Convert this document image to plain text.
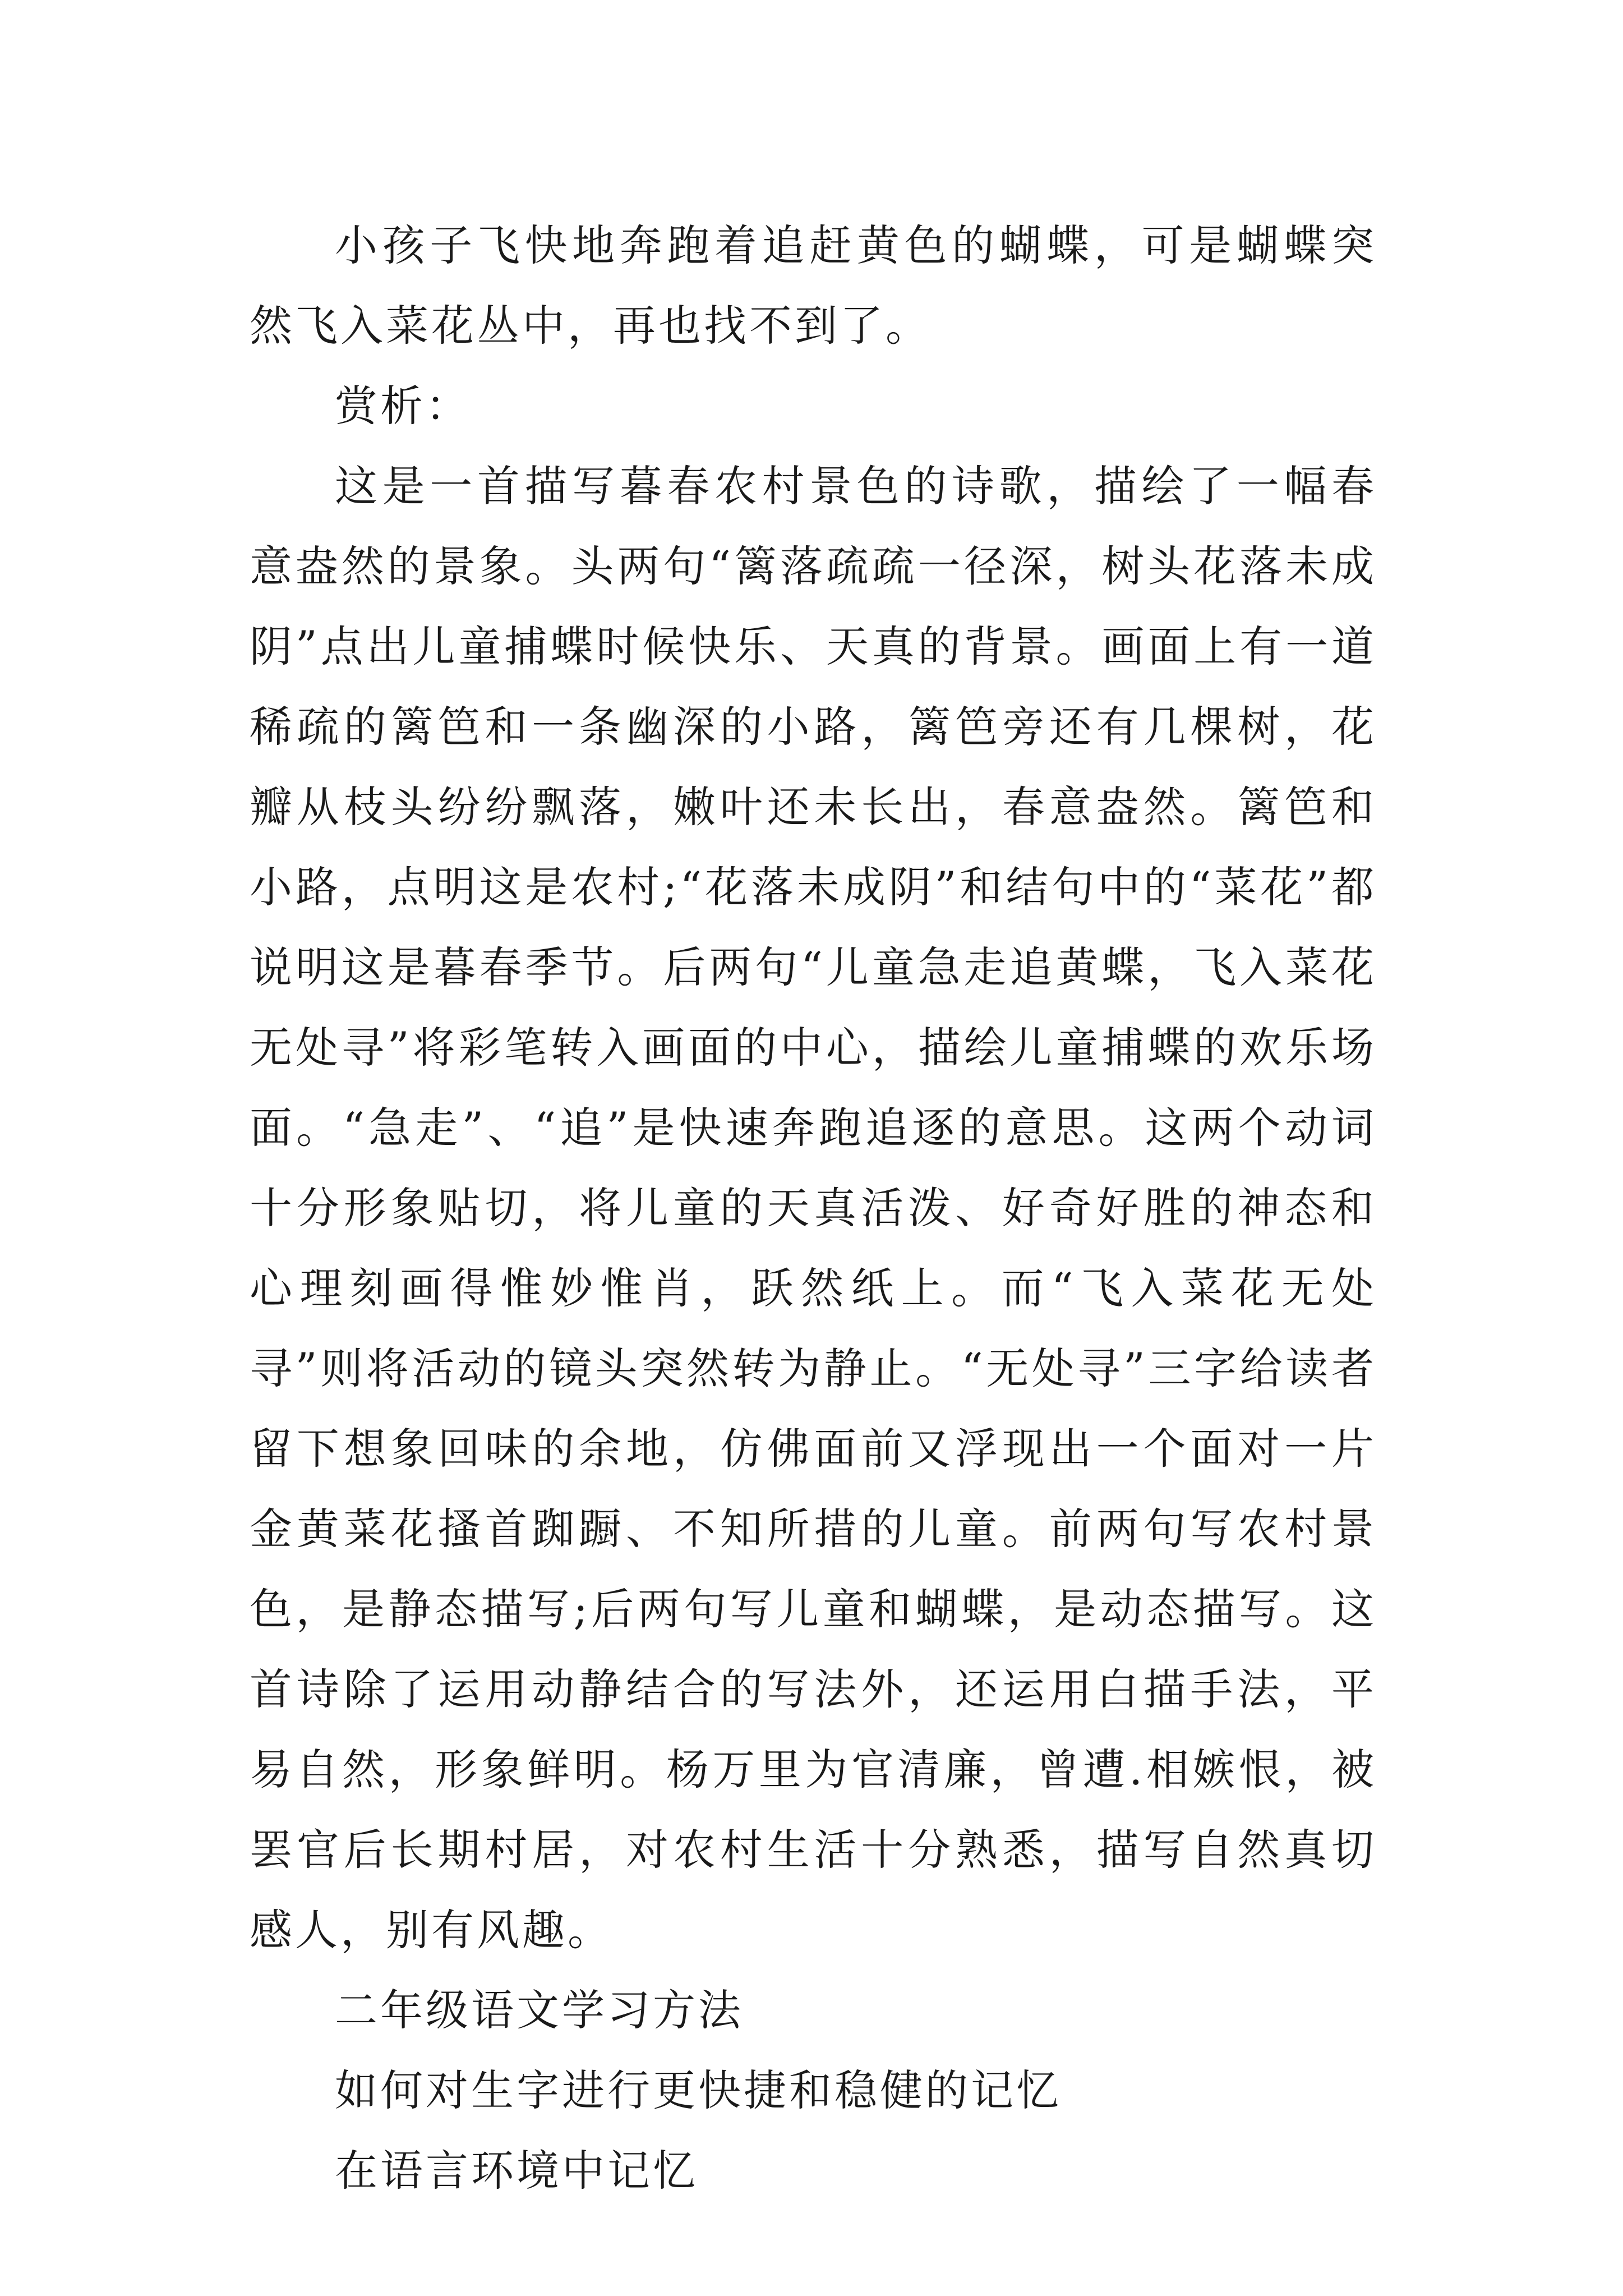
小孩子飞快地奔跑着追赶黄色的蝴蝶，可是蝴蝶突然飞入菜花丛中，再也找不到了。

赏析：

这是一首描写暮春农村景色的诗歌，描绘了一幅春意盎然的景象。头两句“篱落疏疏一径深，树头花落未成阴”点出儿童捕蝶时候快乐、天真的背景。画面上有一道稀疏的篱笆和一条幽深的小路，篱笆旁还有几棵树，花瓣从枝头纷纷飘落，嫩叶还未长出，春意盎然。篱笆和小路，点明这是农村;“花落未成阴”和结句中的“菜花”都说明这是暮春季节。后两句“儿童急走追黄蝶，飞入菜花无处寻”将彩笔转入画面的中心，描绘儿童捕蝶的欢乐场面。“急走”、“追”是快速奔跑追逐的意思。这两个动词十分形象贴切，将儿童的天真活泼、好奇好胜的神态和心理刻画得惟妙惟肖，跃然纸上。而“飞入菜花无处寻”则将活动的镜头突然转为静止。“无处寻”三字给读者留下想象回味的余地，仿佛面前又浮现出一个面对一片金黄菜花搔首踟蹰、不知所措的儿童。前两句写农村景色，是静态描写;后两句写儿童和蝴蝶，是动态描写。这首诗除了运用动静结合的写法外，还运用白描手法，平易自然，形象鲜明。杨万里为官清廉，曾遭.相嫉恨，被罢官后长期村居，对农村生活十分熟悉，描写自然真切感人，别有风趣。

二年级语文学习方法

如何对生字进行更快捷和稳健的记忆

在语言环境中记忆
